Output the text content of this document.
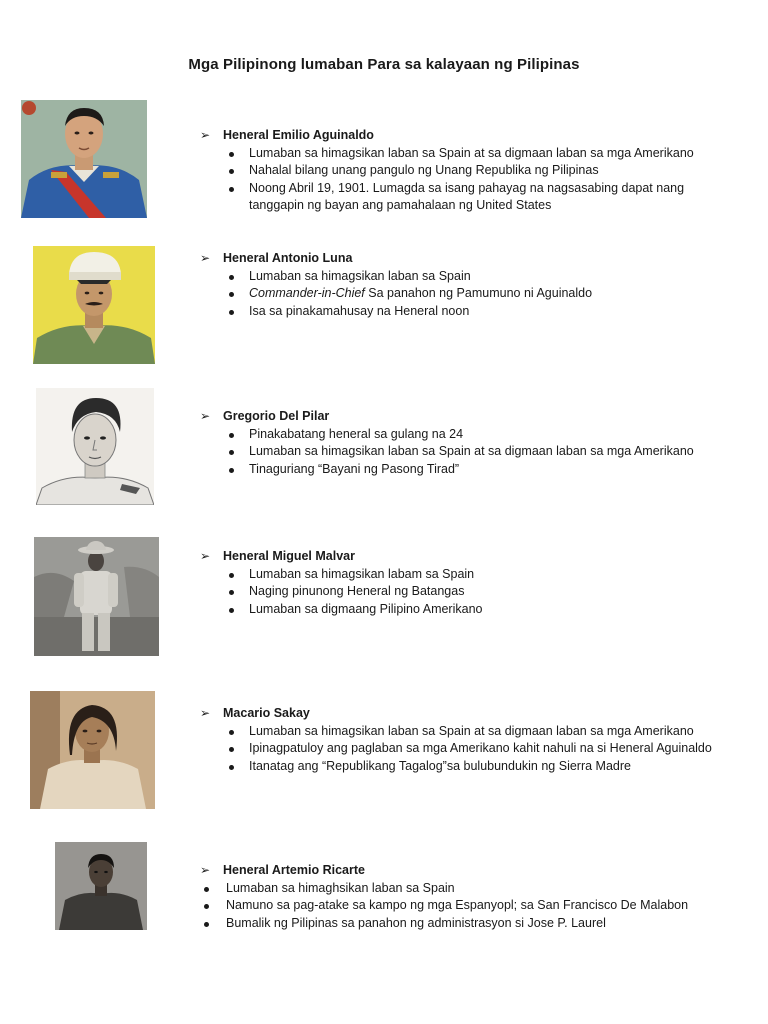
Mga Pilipinong lumaban Para sa kalayaan ng Pilipinas
➢ Heneral Emilio Aguinaldo
Lumaban sa himagsikan laban sa Spain at sa digmaan laban sa mga Amerikano
Nahalal bilang unang pangulo ng Unang Republika ng Pilipinas
Noong Abril 19, 1901. Lumagda sa isang pahayag na nagsasabing dapat nang tanggapin ng bayan ang pamahalaan ng United States
➢ Heneral Antonio Luna
Lumaban sa himagsikan laban sa Spain
Commander-in-Chief Sa panahon ng Pamumuno ni Aguinaldo
Isa sa pinakamahusay na Heneral noon
➢ Gregorio Del Pilar
Pinakabatang heneral sa gulang na 24
Lumaban sa himagsikan laban sa Spain at sa digmaan laban sa mga Amerikano
Tinaguriang “Bayani ng Pasong Tirad”
➢ Heneral Miguel Malvar
Lumaban sa himagsikan labam sa Spain
Naging pinunong Heneral ng Batangas
Lumaban sa digmaang Pilipino Amerikano
➢ Macario Sakay
Lumaban sa himagsikan laban sa Spain at sa digmaan laban sa mga Amerikano
Ipinagpatuloy ang paglaban sa mga Amerikano kahit nahuli na si Heneral Aguinaldo
Itanatag ang “Republikang Tagalog”sa bulubundukin ng Sierra Madre
➢ Heneral Artemio Ricarte
Lumaban sa himaghsikan laban sa Spain
Namuno sa pag-atake sa kampo ng mga Espanyopl; sa San Francisco De Malabon
Bumalik ng Pilipinas sa panahon ng administrasyon si Jose P. Laurel
